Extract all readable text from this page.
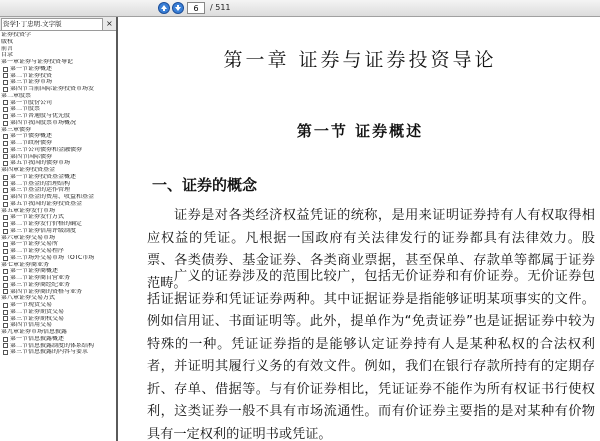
6
/ 511
资学]·丁忠明.文字版	×
证券投资学
版权
前言
目录
第一章证券与证券投资导论
第一节证券概述
第二节证券投资
第三节证券市场
第四节当前国际证券投资市场发
第二章股票
第一节股份公司
第二节股票
第三节普通股与优先股
第四节我国股票市场概况
第三章债券
第一节债券概述
第二节政府债券
第三节公司债券和金融债券
第四节国际债券
第五节我国的债券市场
第四章证券投资基金
第一节证券投资基金概述
第二节基金的治理结构
第三节基金的运作管理
第四节基金的费用、收益和基金
第五节我国的证券投资基金
第五章证券发行市场
第一节证券发行方式
第二节证券发行价格的确定
第三节证券信用评级制度
第六章证券交易市场
第一节证券交易所
第二节证券交易程序
第三节场外交易市场（OTC市场
第七章证券商业务
第一节证券商概述
第二节证券商自营业务
第三节证券商经纪业务
第四节证券商的资格与业务
第八章证券交易方式
第一节现货交易
第二节证券期货交易
第三节证券期权交易
第四节信用交易
第九章证券市场信息披露
第一节信息披露概述
第二节信息披露制度的体系结构
第三节信息披露的内容与要求
第一章 证券与证券投资导论
第一节 证券概述
一、证券的概念

证券是对各类经济权益凭证的统称，是用来证明证券持有人有权取得相应权益的凭证。凡根据一国政府有关法律发行的证券都具有法律效力。股票、各类债券、基金证券、各类商业票据，甚至保单、存款单等都属于证券范畴。

广义的证券涉及的范围比较广，包括无价证券和有价证券。无价证券包括证据证券和凭证证券两种。其中证据证券是指能够证明某项事实的文件。例如信用证、书面证明等。此外，提单作为“免责证券”也是证据证券中较为特殊的一种。凭证证券指的是能够认定证券持有人是某种私权的合法权利者，并证明其履行义务的有效文件。例如，我们在银行存款所持有的定期存折、存单、借据等。与有价证券相比，凭证证券不能作为所有权证书行使权利，这类证券一般不具有市场流通性。而有价证券主要指的是对某种有价物具有一定权利的证明书或凭证。
